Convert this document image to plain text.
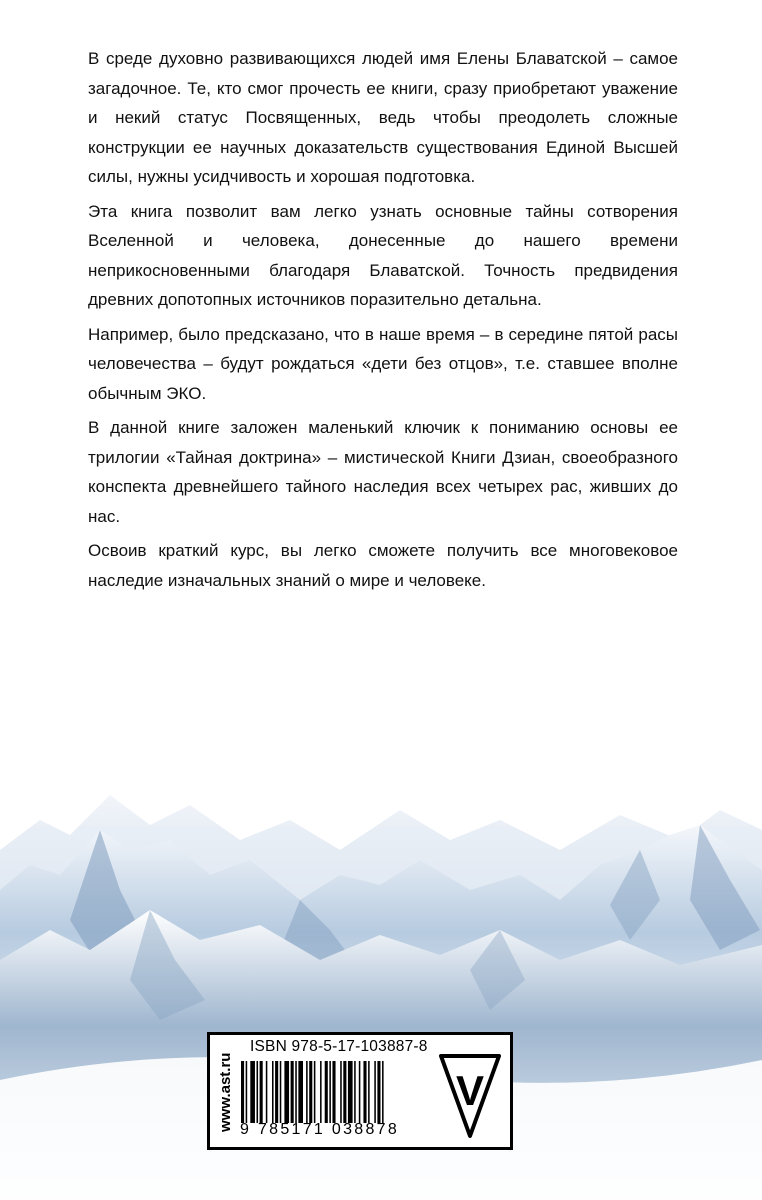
В среде духовно развивающихся людей имя Елены Блаватской – самое загадочное. Те, кто смог прочесть ее книги, сразу приобретают уважение и некий статус Посвященных, ведь чтобы преодолеть сложные конструкции ее научных доказательств существования Единой Высшей силы, нужны усидчивость и хорошая подготовка.

Эта книга позволит вам легко узнать основные тайны сотворения Вселенной и человека, донесенные до нашего времени неприкосновенными благодаря Блаватской. Точность предвидения древних допотопных источников поразительно детальна.

Например, было предсказано, что в наше время – в середине пятой расы человечества – будут рождаться «дети без отцов», т.е. ставшее вполне обычным ЭКО.

В данной книге заложен маленький ключик к пониманию основы ее трилогии «Тайная доктрина» – мистической Книги Дзиан, своеобразного конспекта древнейшего тайного наследия всех четырех рас, живших до нас.

Освоив краткий курс, вы легко сможете получить все многовековое наследие изначальных знаний о мире и человеке.

www.ast.ru
ISBN 978-5-17-103887-8
9 785171 038878
V
